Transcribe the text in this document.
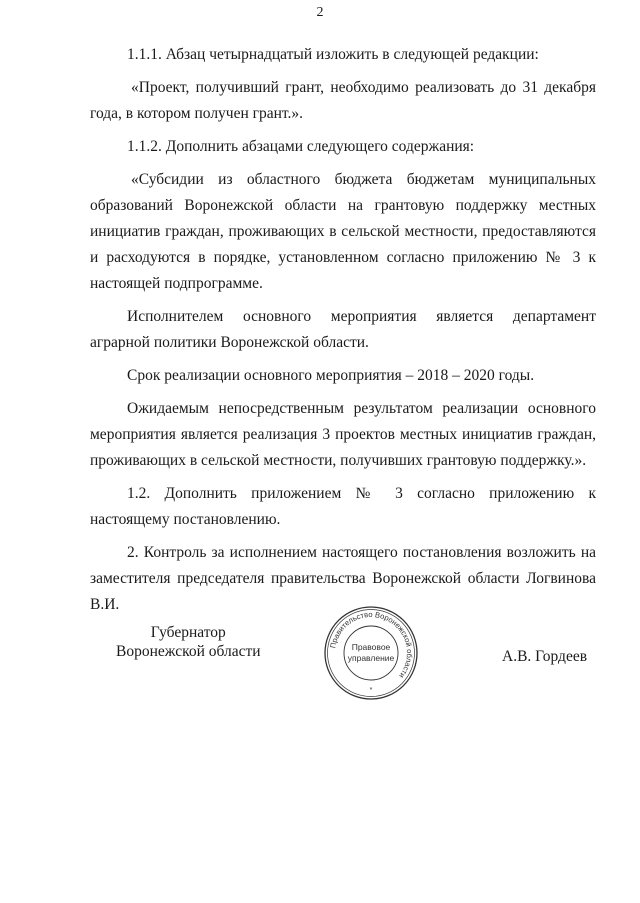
2

1.1.1. Абзац четырнадцатый изложить в следующей редакции:

«Проект, получивший грант, необходимо реализовать до 31 декабря года, в котором получен грант.».

1.1.2. Дополнить абзацами следующего содержания:

«Субсидии из областного бюджета бюджетам муниципальных образований Воронежской области на грантовую поддержку местных инициатив граждан, проживающих в сельской местности, предоставляются и расходуются в порядке, установленном согласно приложению № 3 к настоящей подпрограмме.

Исполнителем основного мероприятия является департамент аграрной политики Воронежской области.

Срок реализации основного мероприятия – 2018 – 2020 годы.

Ожидаемым непосредственным результатом реализации основного мероприятия является реализация 3 проектов местных инициатив граждан, проживающих в сельской местности, получивших грантовую поддержку.».

1.2. Дополнить приложением № 3 согласно приложению к настоящему постановлению.

2. Контроль за исполнением настоящего постановления возложить на заместителя председателя правительства Воронежской области Логвинова В.И.

Губернатор
Воронежской области	Правительство Воронежской области
Правовое
управление
*
А.В. Гордеев
